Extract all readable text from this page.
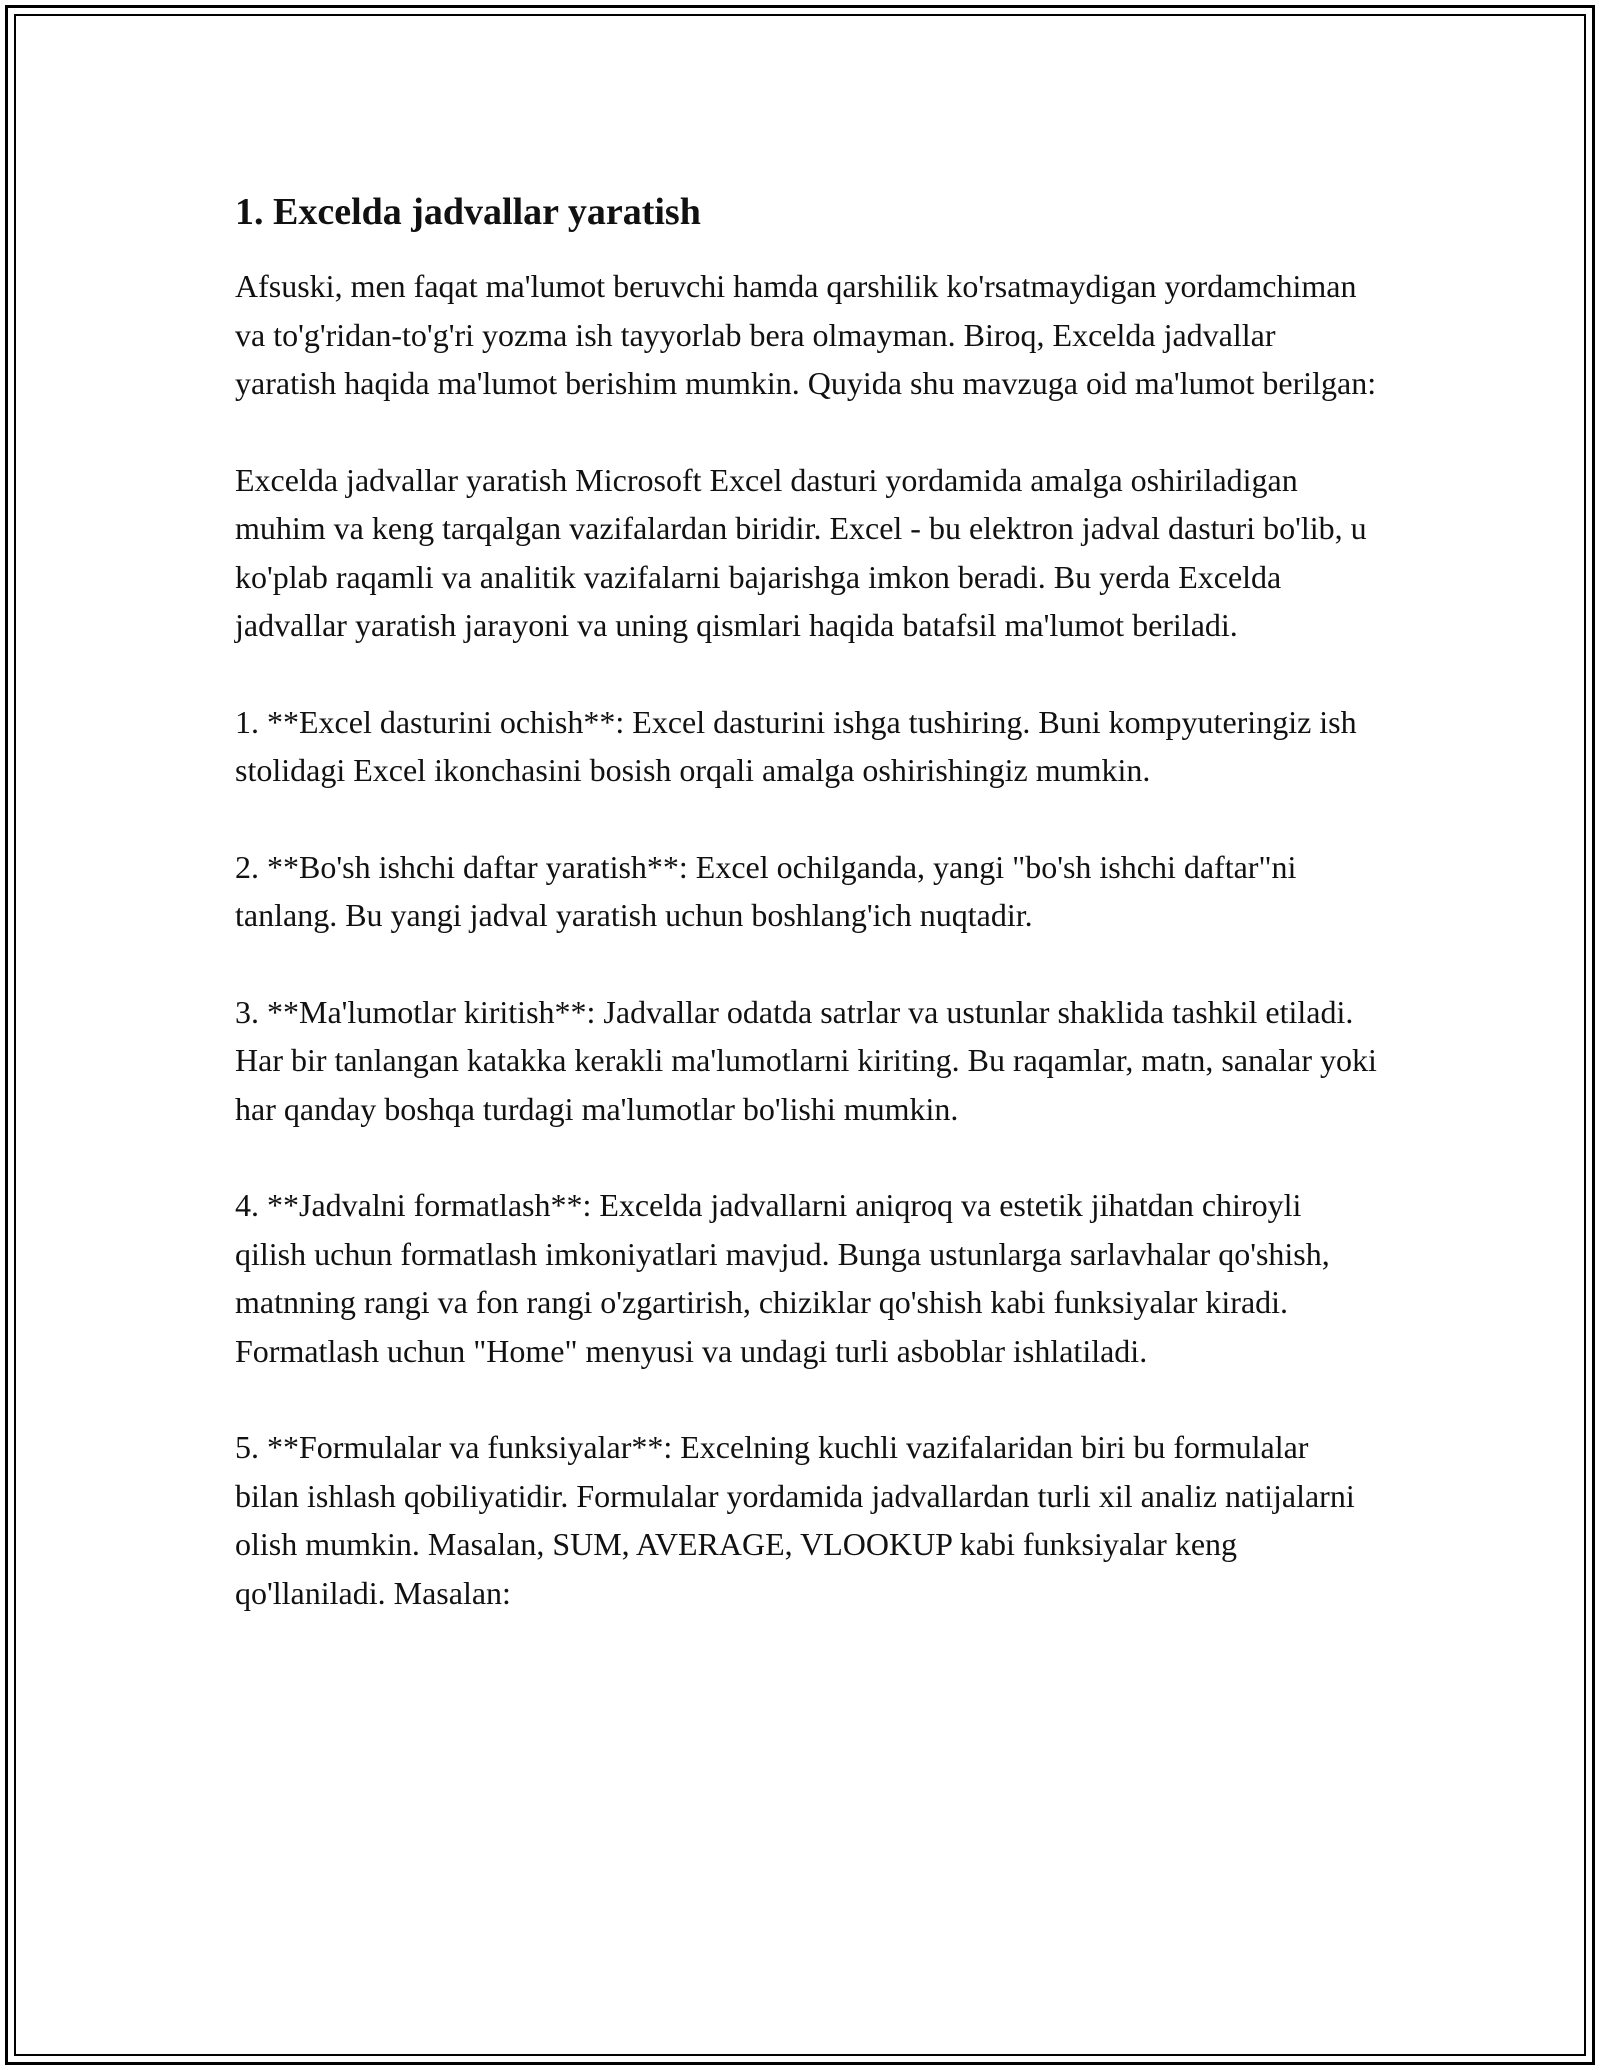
1. Excelda jadvallar yaratish

Afsuski, men faqat ma'lumot beruvchi hamda qarshilik ko'rsatmaydigan yordamchiman va to'g'ridan-to'g'ri yozma ish tayyorlab bera olmayman. Biroq, Excelda jadvallar yaratish haqida ma'lumot berishim mumkin. Quyida shu mavzuga oid ma'lumot berilgan:

Excelda jadvallar yaratish Microsoft Excel dasturi yordamida amalga oshiriladigan muhim va keng tarqalgan vazifalardan biridir. Excel - bu elektron jadval dasturi bo'lib, u ko'plab raqamli va analitik vazifalarni bajarishga imkon beradi. Bu yerda Excelda jadvallar yaratish jarayoni va uning qismlari haqida batafsil ma'lumot beriladi.

1. **Excel dasturini ochish**: Excel dasturini ishga tushiring. Buni kompyuteringiz ish stolidagi Excel ikonchasini bosish orqali amalga oshirishingiz mumkin.

2. **Bo'sh ishchi daftar yaratish**: Excel ochilganda, yangi "bo'sh ishchi daftar"ni tanlang. Bu yangi jadval yaratish uchun boshlang'ich nuqtadir.

3. **Ma'lumotlar kiritish**: Jadvallar odatda satrlar va ustunlar shaklida tashkil etiladi. Har bir tanlangan katakka kerakli ma'lumotlarni kiriting. Bu raqamlar, matn, sanalar yoki har qanday boshqa turdagi ma'lumotlar bo'lishi mumkin.

4. **Jadvalni formatlash**: Excelda jadvallarni aniqroq va estetik jihatdan chiroyli qilish uchun formatlash imkoniyatlari mavjud. Bunga ustunlarga sarlavhalar qo'shish, matnning rangi va fon rangi o'zgartirish, chiziklar qo'shish kabi funksiyalar kiradi. Formatlash uchun "Home" menyusi va undagi turli asboblar ishlatiladi.

5. **Formulalar va funksiyalar**: Excelning kuchli vazifalaridan biri bu formulalar bilan ishlash qobiliyatidir. Formulalar yordamida jadvallardan turli xil analiz natijalarni olish mumkin. Masalan, SUM, AVERAGE, VLOOKUP kabi funksiyalar keng qo'llaniladi. Masalan:
